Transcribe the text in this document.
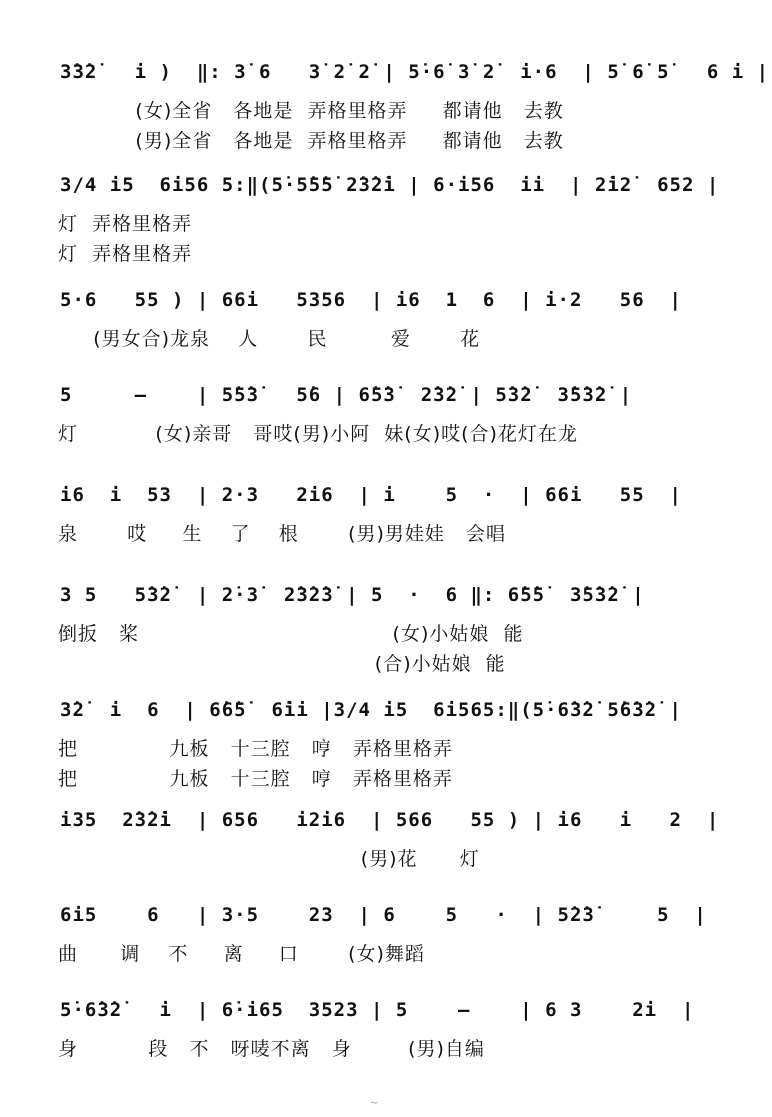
3̇3̇2̇   i )  ‖: 3̇ 6   3̇ 2̇ 2̇ | 5̇·6̇ 3̇ 2̇  i·6  | 5̇ 6̇ 5̇   6 i |
(女)全省   各地是  弄格里格弄     都请他   去教
(男)全省   各地是  弄格里格弄     都请他   去教
3/4 i5  6i56 5:‖(5̇·5̇5̇5̇ 2̇3̇2̇i | 6·i56  ii  | 2̇i2̇  652 |
灯  弄格里格弄
灯  弄格里格弄
5·6   55 ) | 66i   5356  | i6  1  6  | i·2   56  |
(男女合)龙泉    人       民         爱       花
5     —    | 5̇5̇3̇   5̇6 | 6̇5̇3̇  2̇3̇2̇ | 5̇3̇2̇  3̇5̇3̇2̇ |
灯           (女)亲哥   哥哎(男)小阿  妹(女)哎(合)花灯在龙
i6  i  53  | 2·3   2i6  | i    5  ·  | 66i   55  |
泉       哎     生    了    根       (男)男娃娃   会唱
3 5   5̇3̇2̇  | 2̇·3̇  2̇3̇2̇3̇ | 5  ·  6 ‖: 6̇5̇5̇  3̇5̇3̇2̇ |
倒扳   桨                                    (女)小姑娘  能
(合)小姑娘  能
3̇2̇  i  6  | 6̇6̇5̇  6̇ii |3/4 i5  6i565:‖(5̇·6̇3̇2̇ 5̇6̇3̇2̇ |
把             九板   十三腔   哼   弄格里格弄
把             九板   十三腔   哼   弄格里格弄
i35  2̇3̇2̇i  | 656   i2i6  | 566   55 ) | i6   i   2  |
(男)花      灯
6i5    6   | 3·5    23  | 6    5   ·  | 5̇2̇3̇     5  |
曲      调    不     离     口       (女)舞蹈
5̇·6̇3̇2̇   i  | 6̇·i65  3523 | 5    —    | 6 3    2i  |
身          段   不   呀唛不离   身        (男)自编
~
